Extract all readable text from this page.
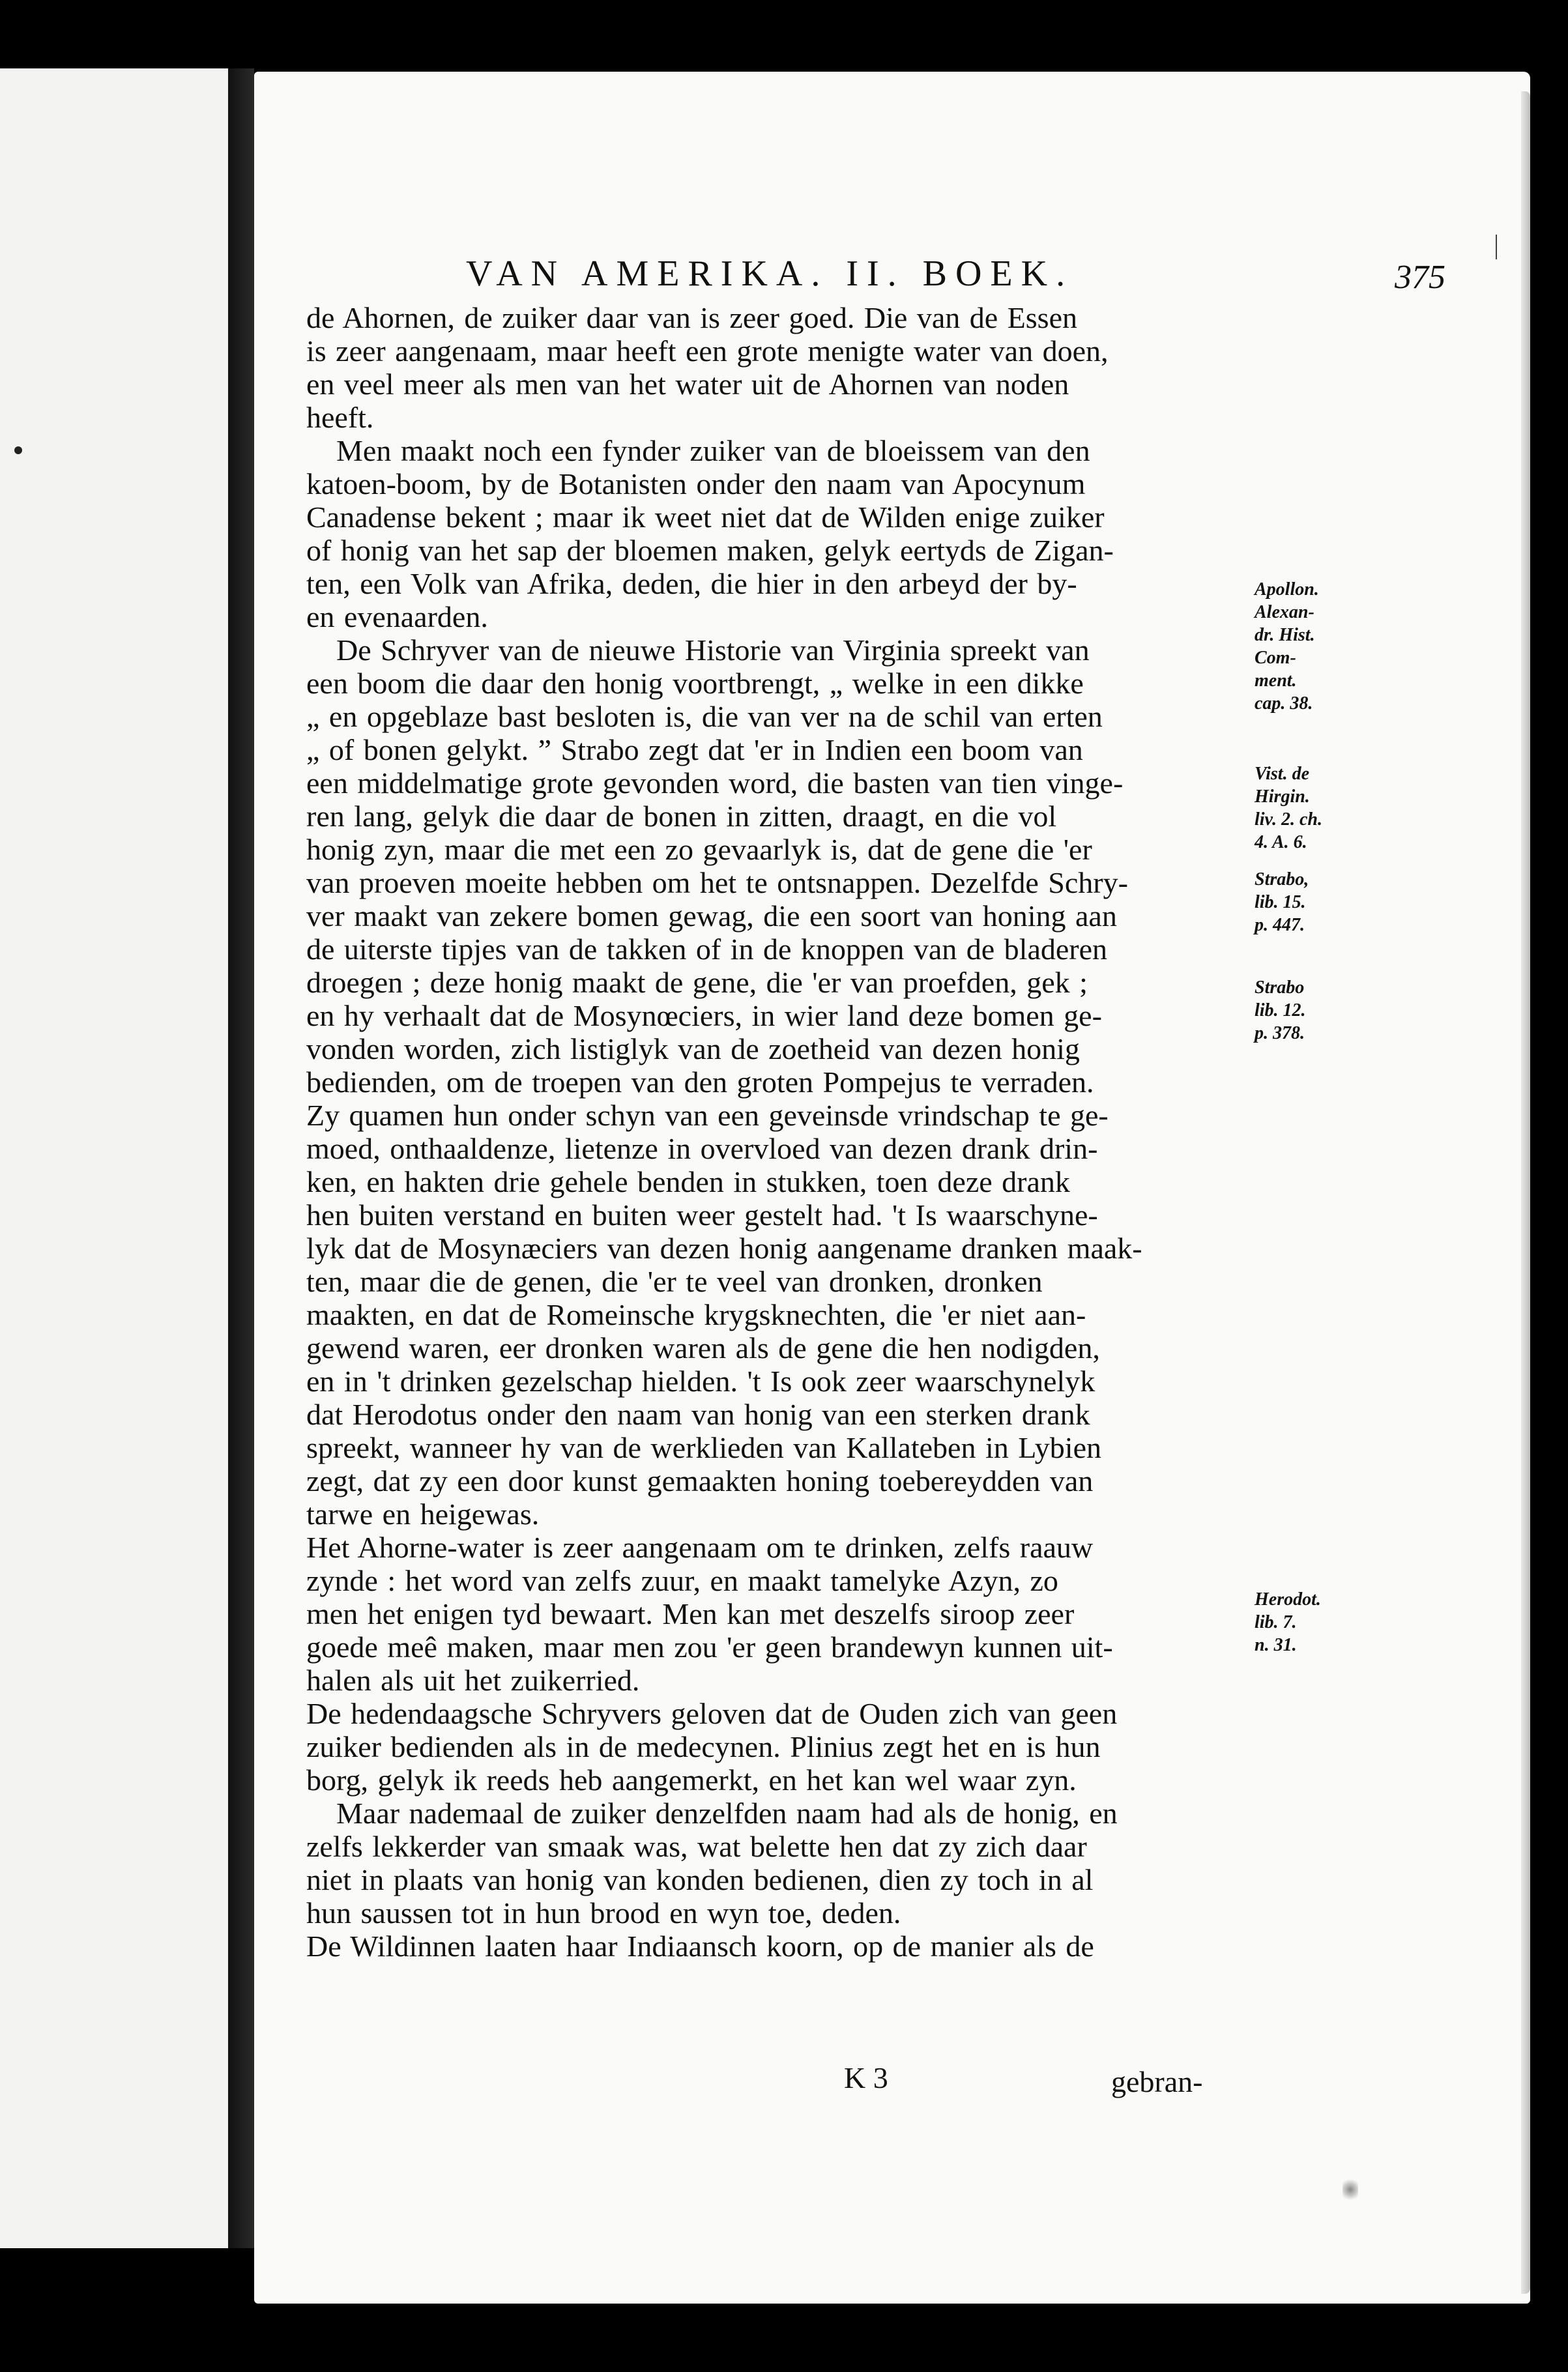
VAN AMERIKA. II. BOEK.	375
de Ahornen, de zuiker daar van is zeer goed. Die van de Essen
is zeer aangenaam, maar heeft een grote menigte water van doen,
en veel meer als men van het water uit de Ahornen van noden
heeft.
Men maakt noch een fynder zuiker van de bloeissem van den
katoen-boom, by de Botanisten onder den naam van Apocynum
Canadense bekent ; maar ik weet niet dat de Wilden enige zuiker
of honig van het sap der bloemen maken, gelyk eertyds de Zigan-
ten, een Volk van Afrika, deden, die hier in den arbeyd der by-
en evenaarden.
De Schryver van de nieuwe Historie van Virginia spreekt van
een boom die daar den honig voortbrengt, „ welke in een dikke
„ en opgeblaze bast besloten is, die van ver na de schil van erten
„ of bonen gelykt. ” Strabo zegt dat 'er in Indien een boom van
een middelmatige grote gevonden word, die basten van tien vinge-
ren lang, gelyk die daar de bonen in zitten, draagt, en die vol
honig zyn, maar die met een zo gevaarlyk is, dat de gene die 'er
van proeven moeite hebben om het te ontsnappen. Dezelfde Schry-
ver maakt van zekere bomen gewag, die een soort van honing aan
de uiterste tipjes van de takken of in de knoppen van de bladeren
droegen ; deze honig maakt de gene, die 'er van proefden, gek ;
en hy verhaalt dat de Mosynœciers, in wier land deze bomen ge-
vonden worden, zich listiglyk van de zoetheid van dezen honig
bedienden, om de troepen van den groten Pompejus te verraden.
Zy quamen hun onder schyn van een geveinsde vrindschap te ge-
moed, onthaaldenze, lietenze in overvloed van dezen drank drin-
ken, en hakten drie gehele benden in stukken, toen deze drank
hen buiten verstand en buiten weer gestelt had. 't Is waarschyne-
lyk dat de Mosynæciers van dezen honig aangename dranken maak-
ten, maar die de genen, die 'er te veel van dronken, dronken
maakten, en dat de Romeinsche krygsknechten, die 'er niet aan-
gewend waren, eer dronken waren als de gene die hen nodigden,
en in 't drinken gezelschap hielden. 't Is ook zeer waarschynelyk
dat Herodotus onder den naam van honig van een sterken drank
spreekt, wanneer hy van de werklieden van Kallateben in Lybien
zegt, dat zy een door kunst gemaakten honing toebereydden van
tarwe en heigewas.
Het Ahorne-water is zeer aangenaam om te drinken, zelfs raauw
zynde : het word van zelfs zuur, en maakt tamelyke Azyn, zo
men het enigen tyd bewaart. Men kan met deszelfs siroop zeer
goede meê maken, maar men zou 'er geen brandewyn kunnen uit-
halen als uit het zuikerried.
De hedendaagsche Schryvers geloven dat de Ouden zich van geen
zuiker bedienden als in de medecynen. Plinius zegt het en is hun
borg, gelyk ik reeds heb aangemerkt, en het kan wel waar zyn.
Maar nademaal de zuiker denzelfden naam had als de honig, en
zelfs lekkerder van smaak was, wat belette hen dat zy zich daar
niet in plaats van honig van konden bedienen, dien zy toch in al
hun saussen tot in hun brood en wyn toe, deden.
De Wildinnen laaten haar Indiaansch koorn, op de manier als de
Apollon.
Alexan-
dr. Hist.
Com-
ment.
cap. 38.
Vist. de
Hirgin.
liv. 2. ch.
4. A. 6.
Strabo,
lib. 15.
p. 447.
Strabo
lib. 12.
p. 378.
Herodot.
lib. 7.
n. 31.
K 3	gebran-
